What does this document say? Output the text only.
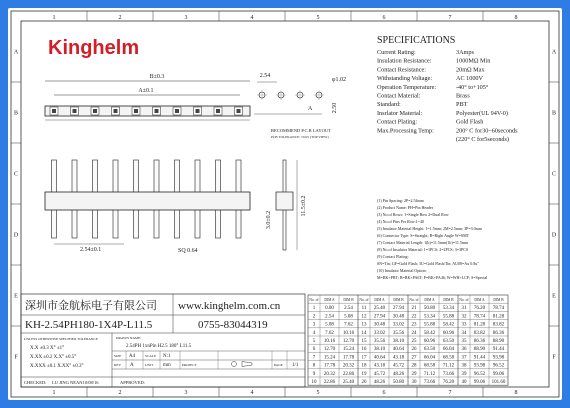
1
1
2
2
3
3
4
4
5
5
6
6
7
7
8
8
A	A
B	B
C	C
D	D
E	E
F	F
Kinghelm
B±0.3
A±0.1
2.54
φ1.02
A	2.50
RECOMMEND P.C.B LAYOUT
PCB TOLERANCE: ±0.05 (TOP VIEW)
2.54±0.1	SQ 0.64
3.0±0.2
11.5±0.2
SPECIFICATIONS
Current Rating:	3Amps
Insulation Resistance:	1000MΩ Min
Contact Resistance:	20mΩ Max
Withstanding Voltage:	AC 1000V
Operation Temperature:	-40° to+105°
Contact Material:	Brass
Standard:	PBT
Insrlator Material:	Polyester(UL 94V-0)
Contact Plating:	Gold Flash
Max.Processing Temp:	200° C for30~60seconds
(220° C for5seconds)
(1) Pin Spacing: 2P=2.54mm
(2) Product Name: PH=Pin Header
(3) No.of Rows: 1=Single Row 2=Dual Row
(4) No.of Pins Per Row:1~40
(5) Insulator Material Height: 1=1.5mm; 2M=2.5mm; 3P=3.0mm
(6) Connector Type: S=Straight; R=Right Angle W=SMT
(7) Contact Material Length: 1(b)=11.5mm(1b)=11.5mm
(8) No.of Insulator Material: 1=1PCS; 2=2PCS; 3=3PCS
(9) Contact Plating:
SN=Tin; GF=Gold Flash; 3U=Gold Flash/Tin; AU08=Au 0.8u"
(10) Insulator Material Option:
M=BK+PBT; B=BK+PA6T; P=BK+PA46; W=WH+LCP; S=Special
深圳市金航标电子有限公司 www.kinghelm.com.cn
KH-2.54PH180-1X4P-L11.5	0755-83044319
UNLESS OTHERWISE SPECIFIED TOLERANCE
X.X ±0.3 X° ±1°
X.XX ±0.2 X.X° ±0.5°
X.XXX ±0.1 X.XX° ±0.3°
DRAWN NAME:
2.54PH 1xnPin H2.5 180° L11.5
SIZE A4	SCALE N:1
REV A	UNIT mm	PROJECT	PAGE 1/1
CHECKED: LU JING NEAN10/08/16	APPROVED:
No. of DIM A DIM B
1 0.00 2.54
2 2.54 5.08
3 5.08 7.62
4 7.62 10.16
5 10.16 12.70
6 12.70 15.24
7 15.24 17.78
8 17.78 20.32
9 20.32 22.86
10 22.86 25.40
No. of DIM A DIM B
11 25.40 27.94
12 27.94 30.48
13 30.48 33.02
14 33.02 35.56
15 35.56 38.10
16 38.10 40.64
17 40.64 43.18
18 43.18 45.72
19 45.72 48.26
20 48.26 50.80
No. of DIM A DIM B
21 50.80 53.34
22 53.34 55.88
23 55.88 58.42
24 58.42 60.96
25 60.96 63.50
26 63.50 66.04
27 66.04 68.58
28 68.58 71.12
29 71.12 73.66
30 73.66 76.20
No. of DIM A DIM B
31 76.20 78.74
32 78.74 81.28
33 81.28 83.82
34 83.82 86.36
35 86.36 88.90
36 88.90 91.44
37 91.44 93.98
38 93.98 96.52
39 96.52 99.06
40 99.06 101.60
